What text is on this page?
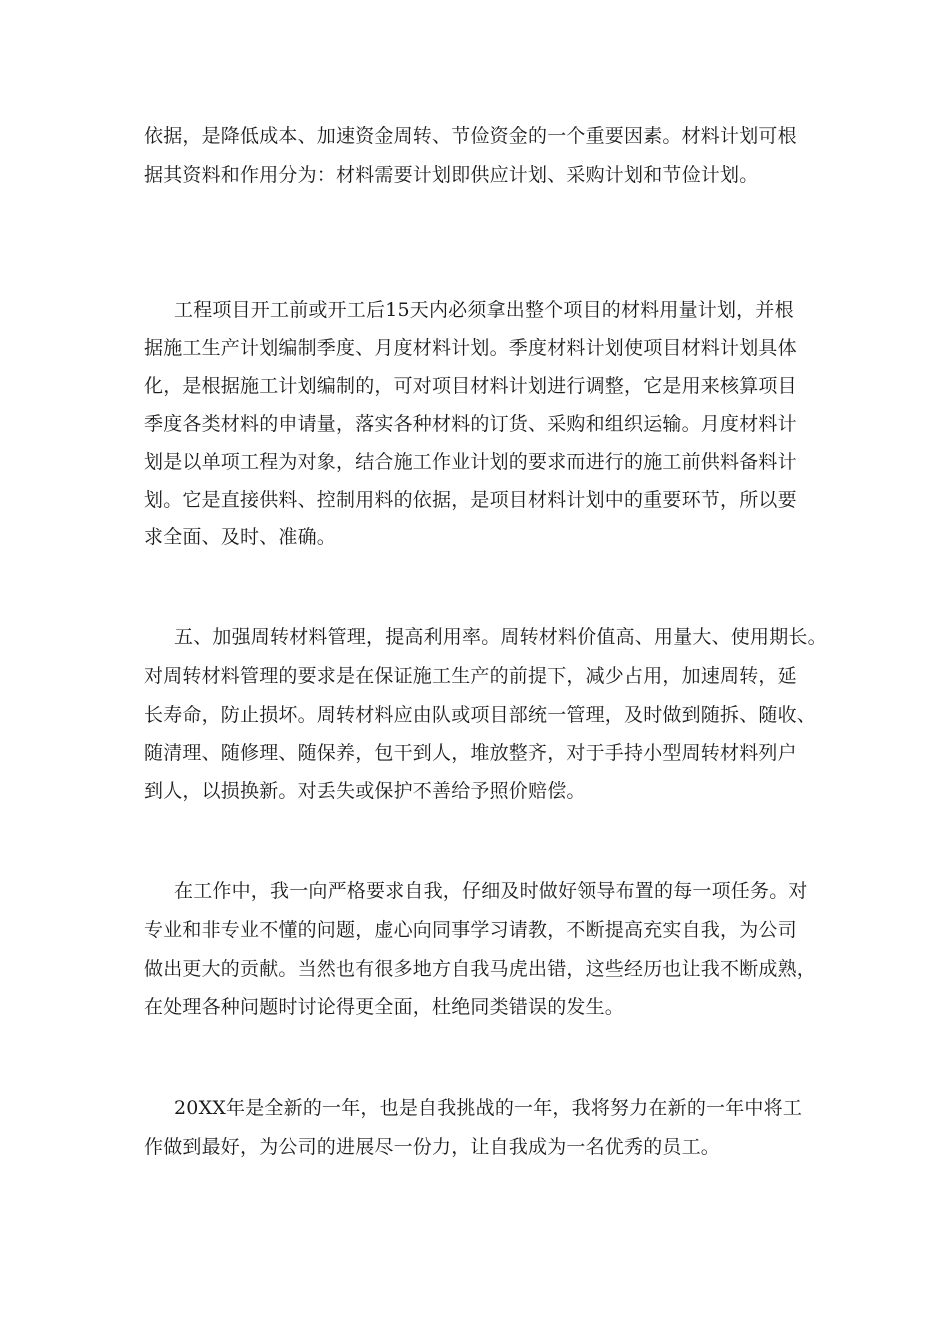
依据，是降低成本、加速资金周转、节俭资金的一个重要因素。材料计划可根
据其资料和作用分为：材料需要计划即供应计划、采购计划和节俭计划。
工程项目开工前或开工后15天内必须拿出整个项目的材料用量计划，并根
据施工生产计划编制季度、月度材料计划。季度材料计划使项目材料计划具体
化，是根据施工计划编制的，可对项目材料计划进行调整，它是用来核算项目
季度各类材料的申请量，落实各种材料的订货、采购和组织运输。月度材料计
划是以单项工程为对象，结合施工作业计划的要求而进行的施工前供料备料计
划。它是直接供料、控制用料的依据，是项目材料计划中的重要环节，所以要
求全面、及时、准确。
五、加强周转材料管理，提高利用率。周转材料价值高、用量大、使用期长。
对周转材料管理的要求是在保证施工生产的前提下，减少占用，加速周转，延
长寿命，防止损坏。周转材料应由队或项目部统一管理，及时做到随拆、随收、
随清理、随修理、随保养，包干到人，堆放整齐，对于手持小型周转材料列户
到人，以损换新。对丢失或保护不善给予照价赔偿。
在工作中，我一向严格要求自我，仔细及时做好领导布置的每一项任务。对
专业和非专业不懂的问题，虚心向同事学习请教，不断提高充实自我，为公司
做出更大的贡献。当然也有很多地方自我马虎出错，这些经历也让我不断成熟，
在处理各种问题时讨论得更全面，杜绝同类错误的发生。
20XX年是全新的一年，也是自我挑战的一年，我将努力在新的一年中将工
作做到最好，为公司的进展尽一份力，让自我成为一名优秀的员工。
